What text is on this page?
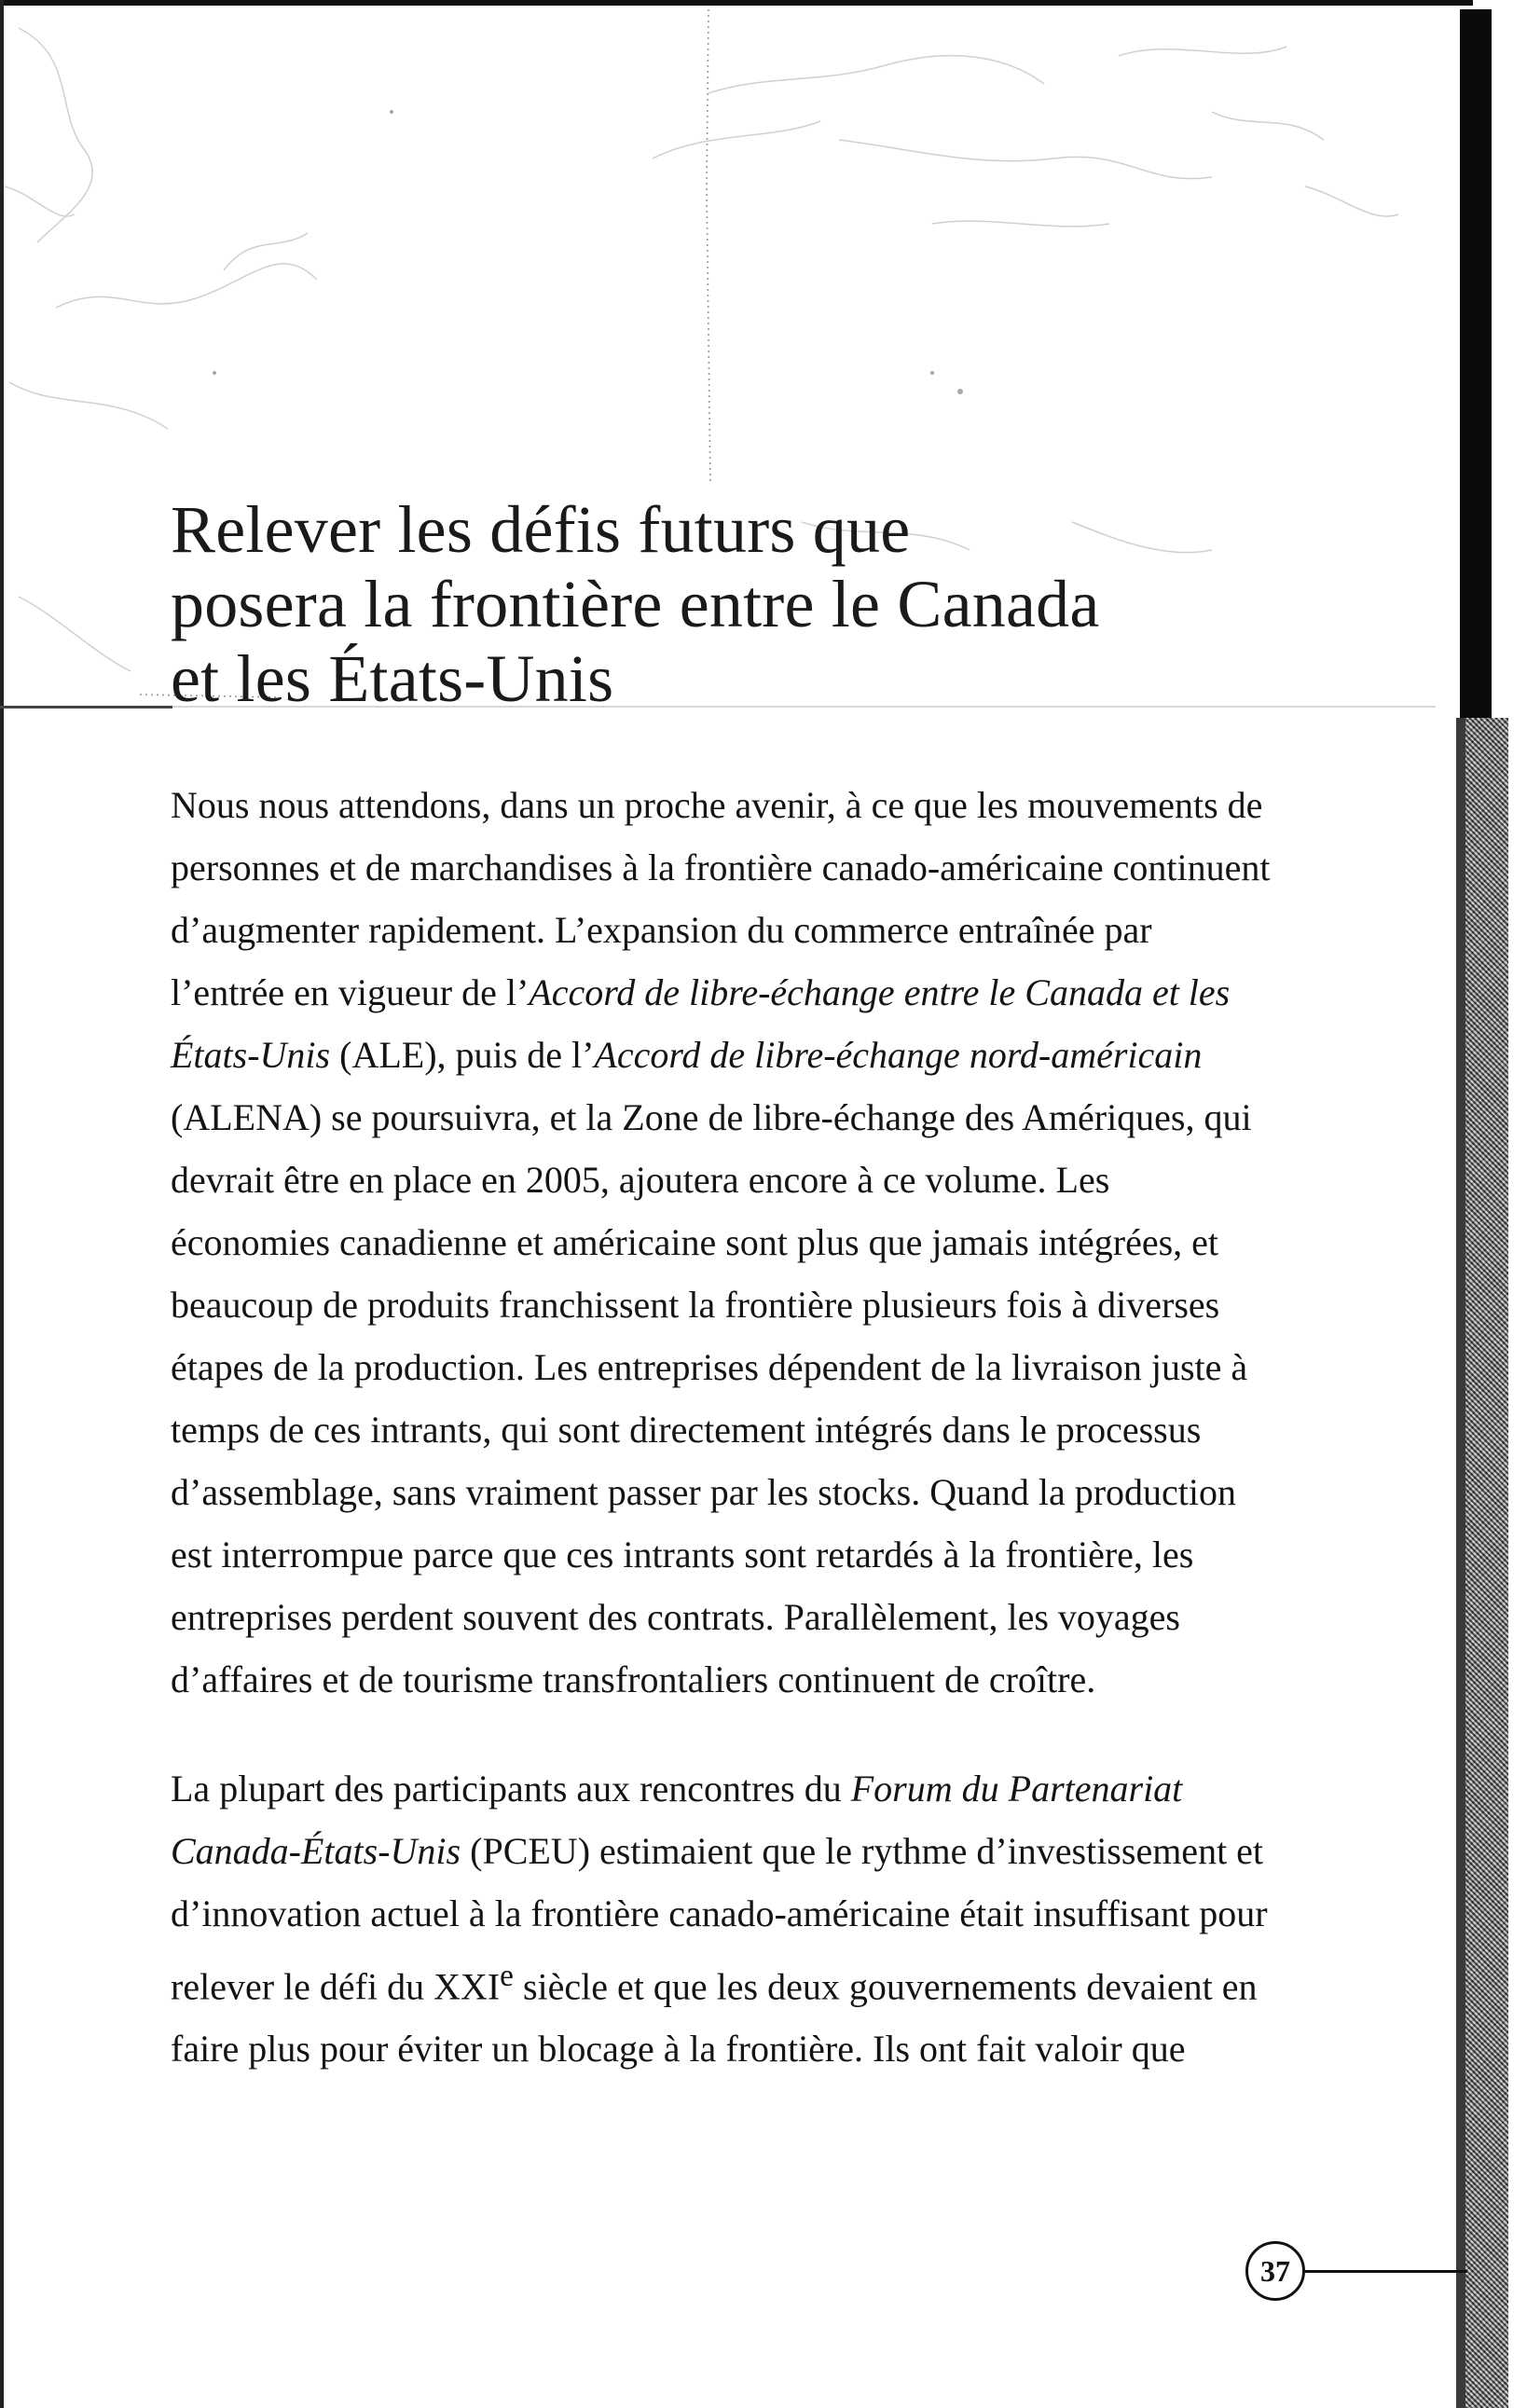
Relever les défis futurs que
posera la frontière entre le Canada
et les États-Unis

Nous nous attendons, dans un proche avenir, à ce que les mouvements de personnes et de marchandises à la frontière canado-américaine continuent d’augmenter rapidement. L’expansion du commerce entraînée par l’entrée en vigueur de l’Accord de libre-échange entre le Canada et les États-Unis (ALE), puis de l’Accord de libre-échange nord-américain (ALENA) se poursuivra, et la Zone de libre-échange des Amériques, qui devrait être en place en 2005, ajoutera encore à ce volume. Les économies canadienne et américaine sont plus que jamais intégrées, et beaucoup de produits franchissent la frontière plusieurs fois à diverses étapes de la production. Les entreprises dépendent de la livraison juste à temps de ces intrants, qui sont directement intégrés dans le processus d’assemblage, sans vraiment passer par les stocks. Quand la production est interrompue parce que ces intrants sont retardés à la frontière, les entreprises perdent souvent des contrats. Parallèlement, les voyages d’affaires et de tourisme transfrontaliers continuent de croître.

La plupart des participants aux rencontres du Forum du Partenariat Canada-États-Unis (PCEU) estimaient que le rythme d’investissement et d’innovation actuel à la frontière canado-américaine était insuffisant pour relever le défi du XXIe siècle et que les deux gouvernements devaient en faire plus pour éviter un blocage à la frontière. Ils ont fait valoir que

37
